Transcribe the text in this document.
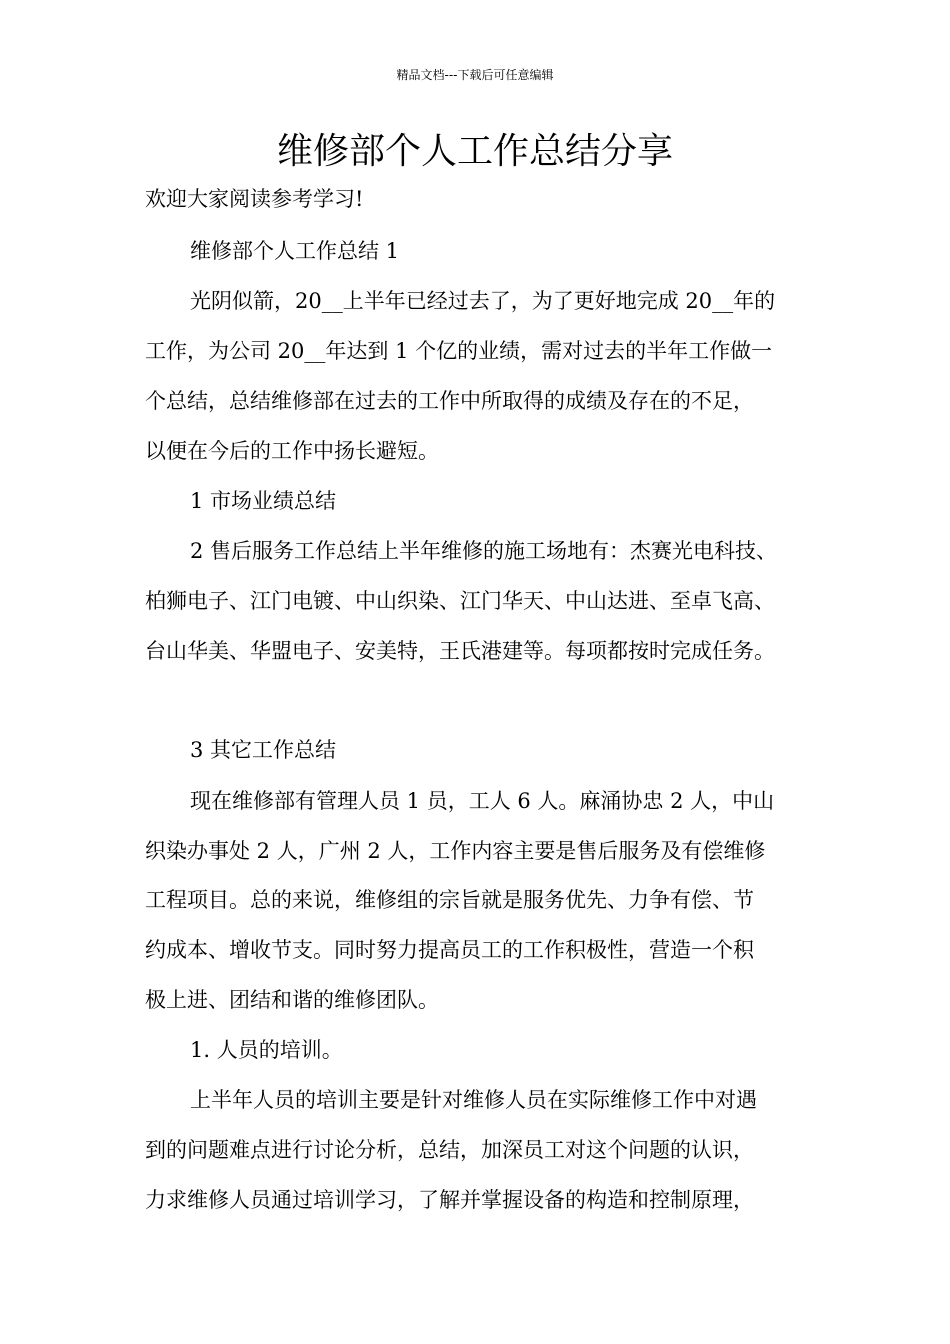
精品文档---下载后可任意编辑
维修部个人工作总结分享
欢迎大家阅读参考学习!
维修部个人工作总结 1
光阴似箭，20__上半年已经过去了，为了更好地完成 20__年的
工作，为公司 20__年达到 1 个亿的业绩，需对过去的半年工作做一
个总结，总结维修部在过去的工作中所取得的成绩及存在的不足，
以便在今后的工作中扬长避短。
1 市场业绩总结
2 售后服务工作总结上半年维修的施工场地有：杰赛光电科技、
柏狮电子、江门电镀、中山织染、江门华天、中山达进、至卓飞高、
台山华美、华盟电子、安美特，王氏港建等。每项都按时完成任务。
3 其它工作总结
现在维修部有管理人员 1 员，工人 6 人。麻涌协忠 2 人，中山
织染办事处 2 人，广州 2 人，工作内容主要是售后服务及有偿维修
工程项目。总的来说，维修组的宗旨就是服务优先、力争有偿、节
约成本、增收节支。同时努力提高员工的工作积极性，营造一个积
极上进、团结和谐的维修团队。
1. 人员的培训。
上半年人员的培训主要是针对维修人员在实际维修工作中对遇
到的问题难点进行讨论分析，总结，加深员工对这个问题的认识，
力求维修人员通过培训学习，了解并掌握设备的构造和控制原理，
